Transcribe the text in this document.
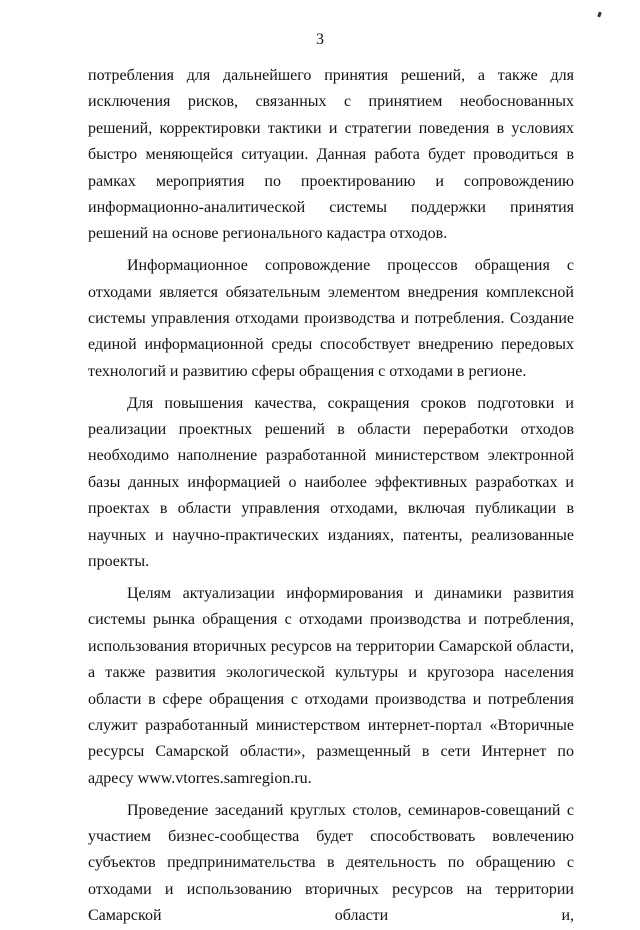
3

потребления для дальнейшего принятия решений, а также для исключения рисков, связанных с принятием необоснованных решений, корректировки тактики и стратегии поведения в условиях быстро меняющейся ситуации. Данная работа будет проводиться в рамках мероприятия по проектированию и сопровождению информационно-аналитической системы поддержки принятия решений на основе регионального кадастра отходов.

Информационное сопровождение процессов обращения с отходами является обязательным элементом внедрения комплексной системы управления отходами производства и потребления. Создание единой информационной среды способствует внедрению передовых технологий и развитию сферы обращения с отходами в регионе.

Для повышения качества, сокращения сроков подготовки и реализации проектных решений в области переработки отходов необходимо наполнение разработанной министерством электронной базы данных информацией о наиболее эффективных разработках и проектах в области управления отходами, включая публикации в научных и научно-практических изданиях, патенты, реализованные проекты.

Целям актуализации информирования и динамики развития системы рынка обращения с отходами производства и потребления, использования вторичных ресурсов на территории Самарской области, а также развития экологической культуры и кругозора населения области в сфере обращения с отходами производства и потребления служит разработанный министерством интернет-портал «Вторичные ресурсы Самарской области», размещенный в сети Интернет по адресу www.vtorres.samregion.ru.

Проведение заседаний круглых столов, семинаров-совещаний с участием бизнес-сообщества будет способствовать вовлечению субъектов предпринимательства в деятельность по обращению с отходами и использованию вторичных ресурсов на территории Самарской области и,
